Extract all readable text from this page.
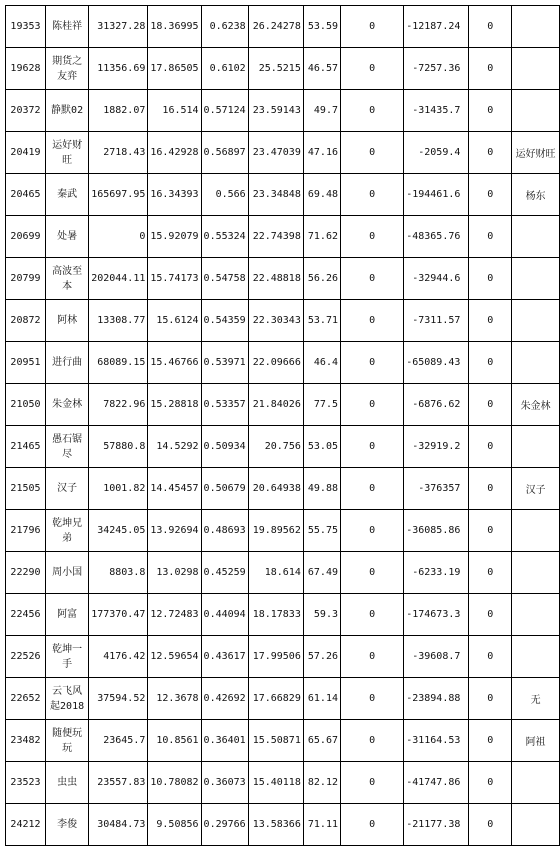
19353	陈桂祥	31327.28	18.36995	0.6238	26.24278	53.59	0	-12187.24	0	
19628	期货之友弈	11356.69	17.86505	0.6102	25.5215	46.57	0	-7257.36	0	
20372	静默02	1882.07	16.514	0.57124	23.59143	49.7	0	-31435.7	0	
20419	运好财旺	2718.43	16.42928	0.56897	23.47039	47.16	0	-2059.4	0	运好财旺
20465	秦武	165697.95	16.34393	0.566	23.34848	69.48	0	-194461.6	0	杨东
20699	处暑	0	15.92079	0.55324	22.74398	71.62	0	-48365.76	0	
20799	高波至本	202044.11	15.74173	0.54758	22.48818	56.26	0	-32944.6	0	
20872	阿林	13308.77	15.6124	0.54359	22.30343	53.71	0	-7311.57	0	
20951	进行曲	68089.15	15.46766	0.53971	22.09666	46.4	0	-65089.43	0	
21050	朱金林	7822.96	15.28818	0.53357	21.84026	77.5	0	-6876.62	0	朱金林
21465	愚石锯尽	57880.8	14.5292	0.50934	20.756	53.05	0	-32919.2	0	
21505	汉子	1001.82	14.45457	0.50679	20.64938	49.88	0	-376357	0	汉子
21796	乾坤兄弟	34245.05	13.92694	0.48693	19.89562	55.75	0	-36085.86	0	
22290	周小国	8803.8	13.0298	0.45259	18.614	67.49	0	-6233.19	0	
22456	阿富	177370.47	12.72483	0.44094	18.17833	59.3	0	-174673.3	0	
22526	乾坤一手	4176.42	12.59654	0.43617	17.99506	57.26	0	-39608.7	0	
22652	云飞风起2018	37594.52	12.3678	0.42692	17.66829	61.14	0	-23894.88	0	无
23482	随便玩玩	23645.7	10.8561	0.36401	15.50871	65.67	0	-31164.53	0	阿祖
23523	虫虫	23557.83	10.78082	0.36073	15.40118	82.12	0	-41747.86	0	
24212	李俊	30484.73	9.50856	0.29766	13.58366	71.11	0	-21177.38	0	
